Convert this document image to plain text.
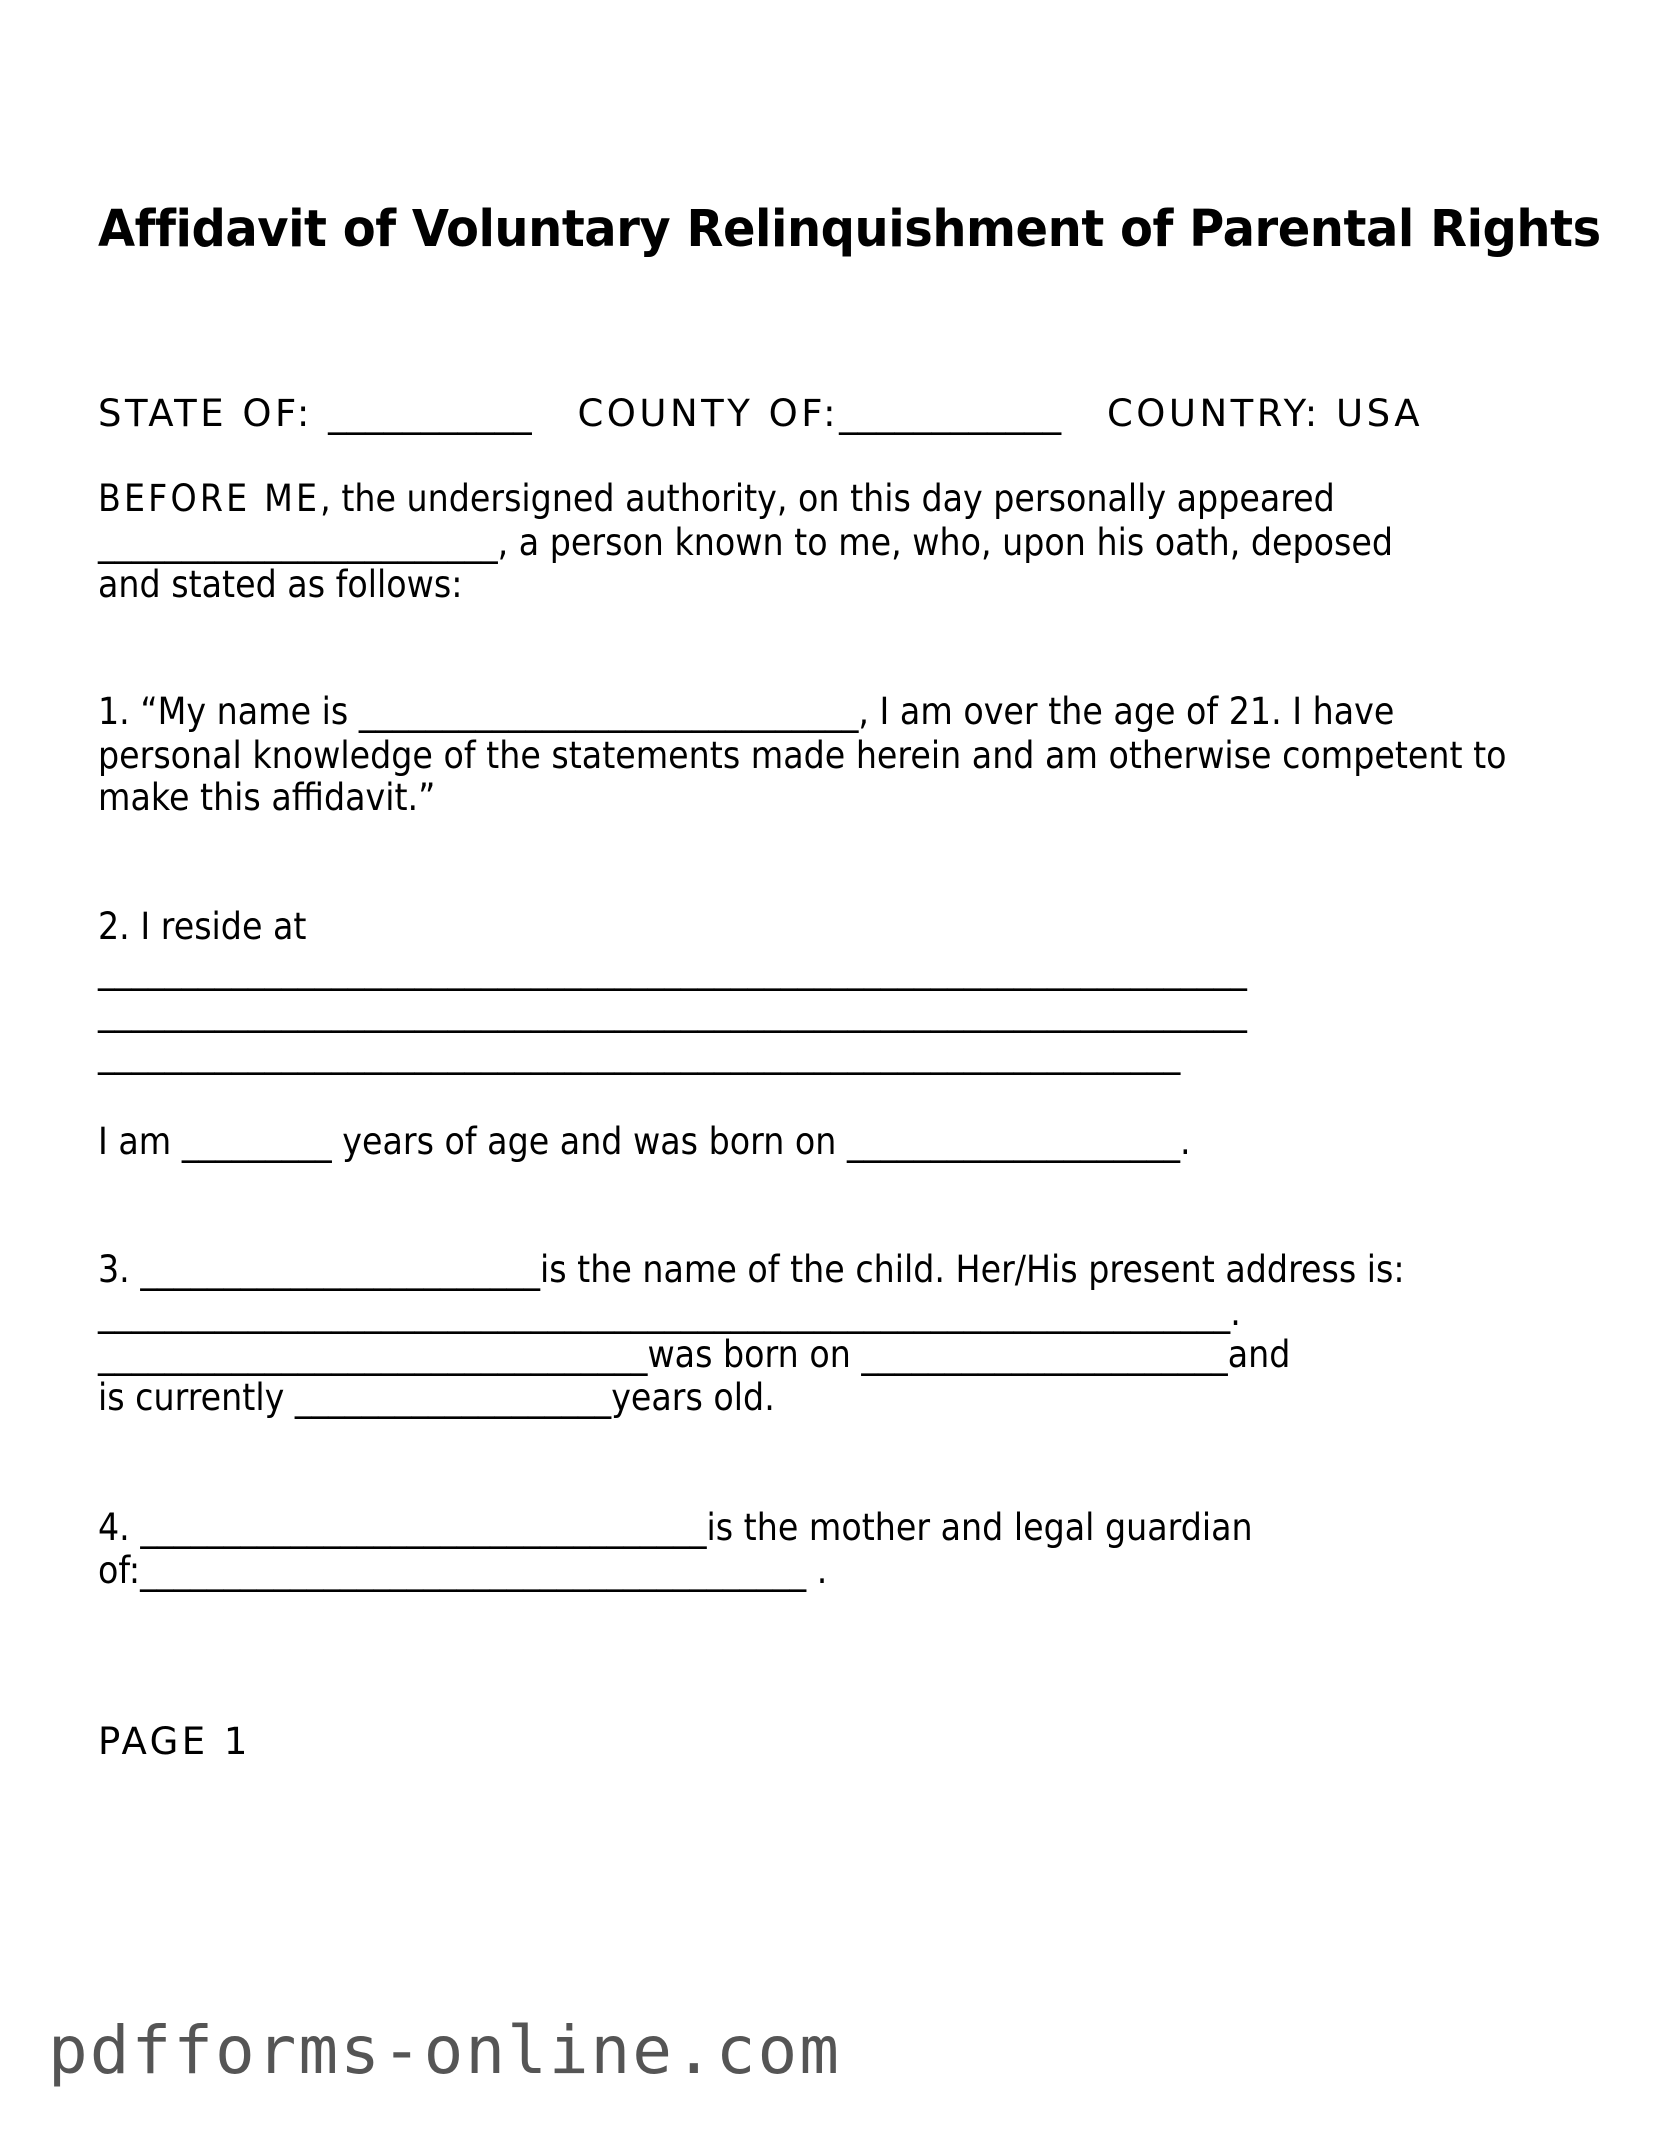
Affidavit of Voluntary Relinquishment of Parental Rights
STATE OF: ___________ COUNTY OF:____________ COUNTRY: USA
BEFORE ME, the undersigned authority, on this day personally appeared
________________________, a person known to me, who, upon his oath, deposed
and stated as follows:
1. “My name is ______________________________, I am over the age of 21. I have
personal knowledge of the statements made herein and am otherwise competent to
make this affidavit.”
2. I reside at
_____________________________________________________________________
_____________________________________________________________________
_________________________________________________________________
I am _________ years of age and was born on ____________________.
3. ________________________is the name of the child. Her/His present address is:
____________________________________________________________________.
_________________________________was born on ______________________and
is currently ___________________years old.
4. __________________________________is the mother and legal guardian
of:________________________________________ .
PAGE 1
pdfforms-online.com
